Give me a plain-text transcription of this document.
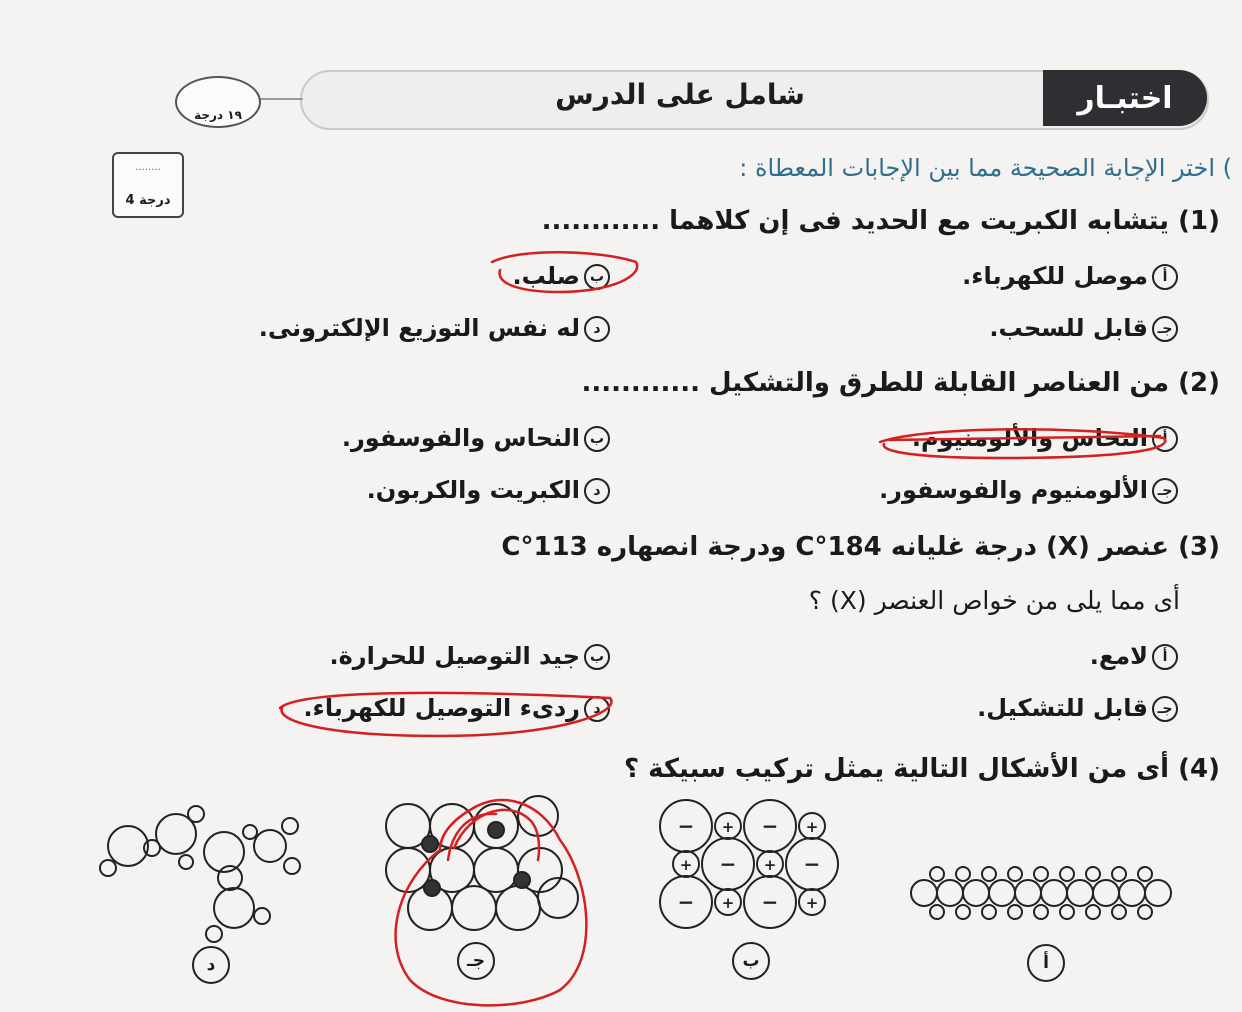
اختبـار
شامل على الدرس
١٩ درجة
........
4 درجة
) اختر الإجابة الصحيحة مما بين الإجابات المعطاة :
(1) يتشابه الكبريت مع الحديد فى إن كلاهما ............
أموصل للكهرباء.
بصلب.
جـقابل للسحب.
دله نفس التوزيع الإلكترونى.
(2) من العناصر القابلة للطرق والتشكيل ............
أالنحاس والألومنيوم.
بالنحاس والفوسفور.
جـالألومنيوم والفوسفور.
دالكبريت والكربون.
(3) عنصر (X) درجة غليانه 184°C ودرجة انصهاره 113°C
أى مما يلى من خواص العنصر (X) ؟
ألامع.
بجيد التوصيل للحرارة.
جـقابل للتشكيل.
دردىء التوصيل للكهرباء.
(4) أى من الأشكال التالية يمثل تركيب سبيكة ؟
−	−
+	+
+	+
−	−
−	−
+	+
أ
ب
جـ
د
